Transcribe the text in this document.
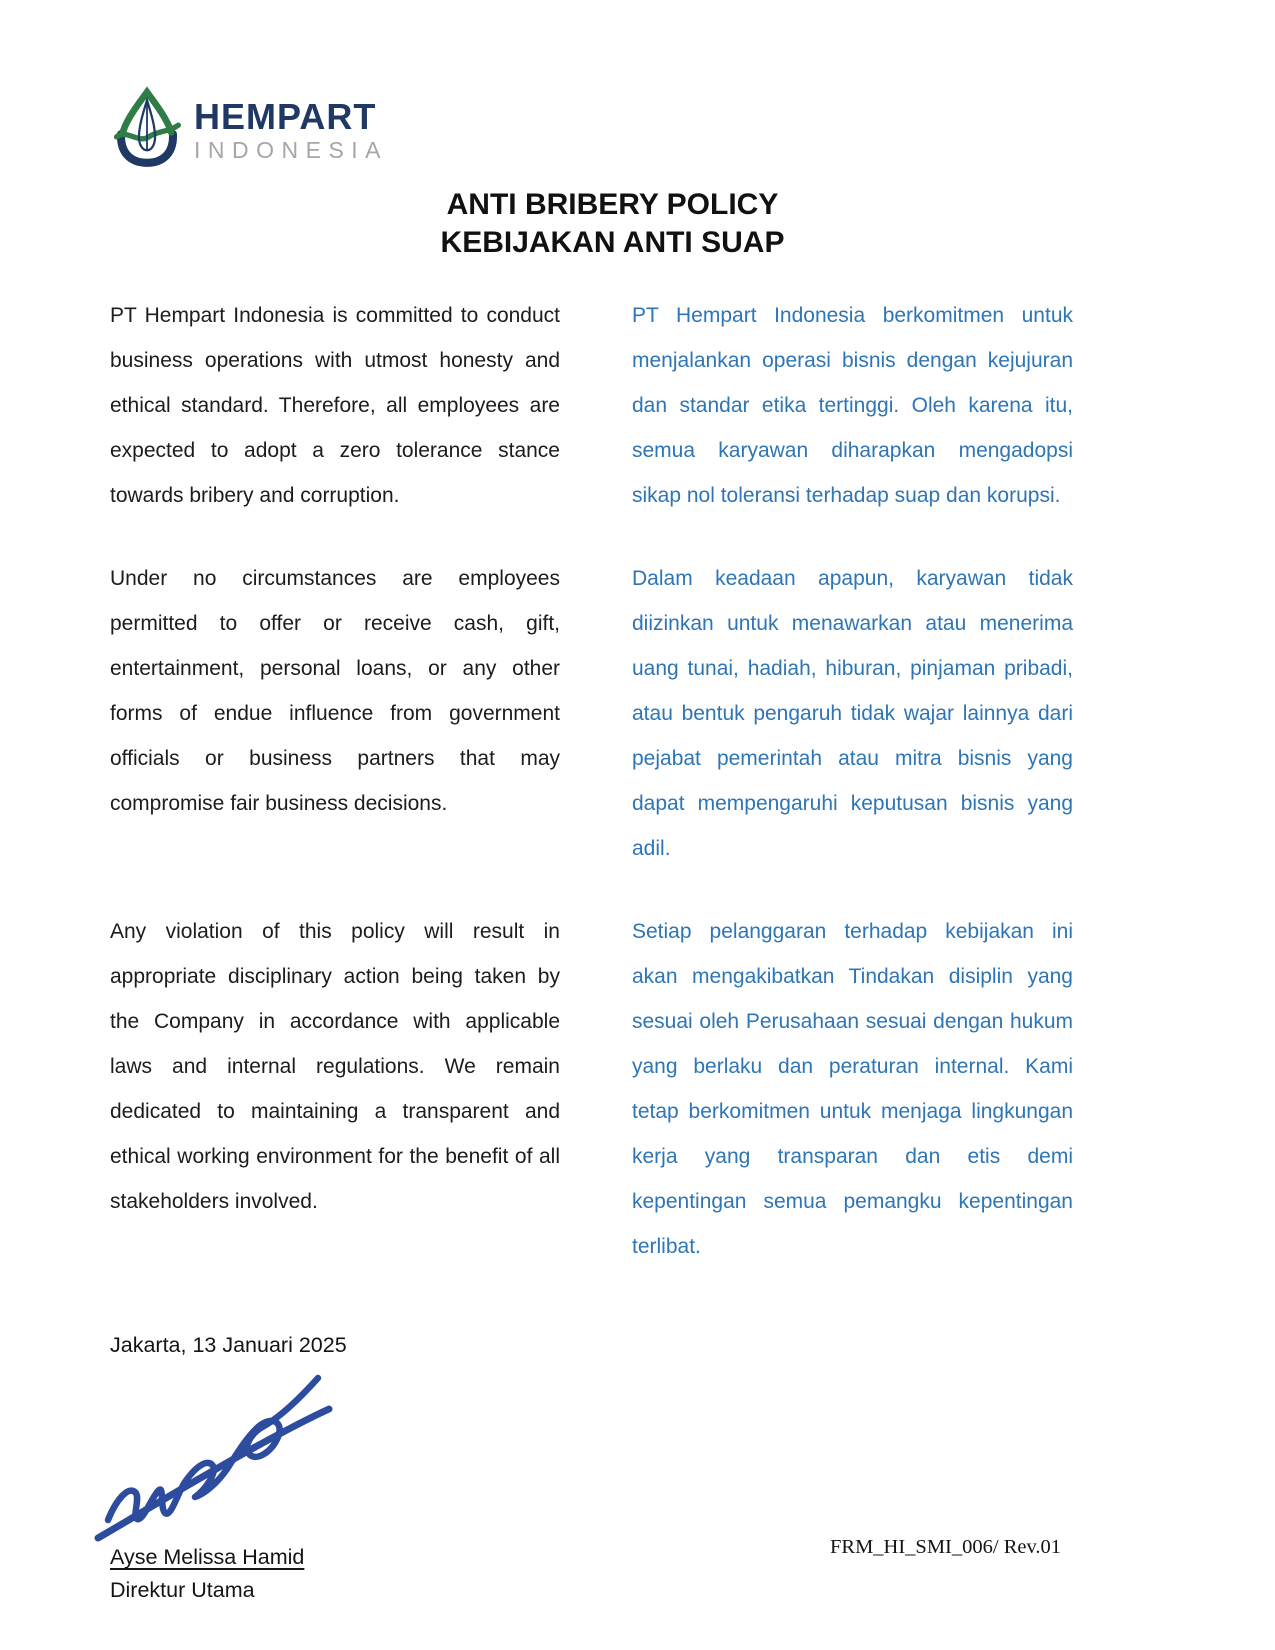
HEMPART
INDONESIA
ANTI BRIBERY POLICY
KEBIJAKAN ANTI SUAP

PT Hempart Indonesia is committed to conduct business operations with utmost honesty and ethical standard. Therefore, all employees are expected to adopt a zero tolerance stance towards bribery and corruption.

PT Hempart Indonesia berkomitmen untuk menjalankan operasi bisnis dengan kejujuran dan standar etika tertinggi. Oleh karena itu, semua karyawan diharapkan mengadopsi sikap nol toleransi terhadap suap dan korupsi.

Under no circumstances are employees permitted to offer or receive cash, gift, entertainment, personal loans, or any other forms of endue influence from government officials or business partners that may compromise fair business decisions.

Dalam keadaan apapun, karyawan tidak diizinkan untuk menawarkan atau menerima uang tunai, hadiah, hiburan, pinjaman pribadi, atau bentuk pengaruh tidak wajar lainnya dari pejabat pemerintah atau mitra bisnis yang dapat mempengaruhi keputusan bisnis yang adil.

Any violation of this policy will result in appropriate disciplinary action being taken by the Company in accordance with applicable laws and internal regulations. We remain dedicated to maintaining a transparent and ethical working environment for the benefit of all stakeholders involved.

Setiap pelanggaran terhadap kebijakan ini akan mengakibatkan Tindakan disiplin yang sesuai oleh Perusahaan sesuai dengan hukum yang berlaku dan peraturan internal. Kami tetap berkomitmen untuk menjaga lingkungan kerja yang transparan dan etis demi kepentingan semua pemangku kepentingan terlibat.

Jakarta, 13 Januari 2025
Ayse Melissa Hamid
Direktur Utama
FRM_HI_SMI_006/ Rev.01
